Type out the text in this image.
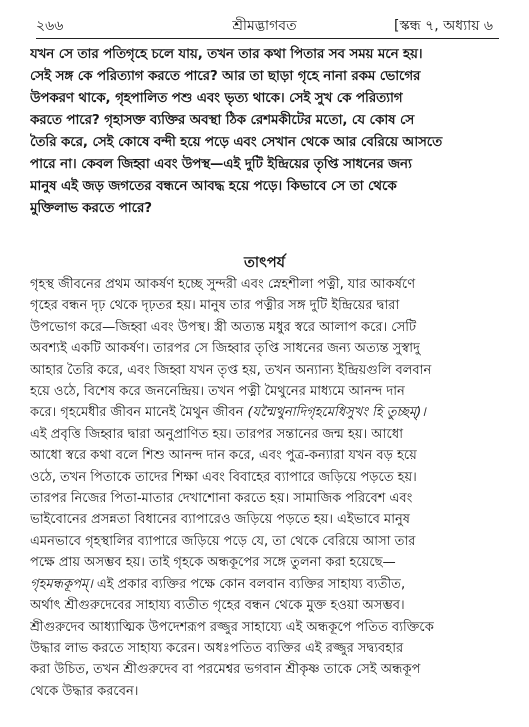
২৬৬	শ্রীমদ্ভাগবত	[স্কন্ধ ৭, অধ্যায় ৬
যখন সে তার পতিগৃহে চলে যায়, তখন তার কথা পিতার সব সময় মনে হয়।
সেই সঙ্গ কে পরিত্যাগ করতে পারে? আর তা ছাড়া গৃহে নানা রকম ভোগের
উপকরণ থাকে, গৃহপালিত পশু এবং ভৃত্য থাকে। সেই সুখ কে পরিত্যাগ
করতে পারে? গৃহাসক্ত ব্যক্তির অবস্থা ঠিক রেশমকীটের মতো, যে কোষ সে
তৈরি করে, সেই কোষে বন্দী হয়ে পড়ে এবং সেখান থেকে আর বেরিয়ে আসতে
পারে না। কেবল জিহ্বা এবং উপস্থ—এই দুটি ইন্দ্রিয়ের তৃপ্তি সাধনের জন্য
মানুষ এই জড় জগতের বন্ধনে আবদ্ধ হয়ে পড়ে। কিভাবে সে তা থেকে
মুক্তিলাভ করতে পারে?
তাৎপর্য
গৃহস্থ জীবনের প্রথম আকর্ষণ হচ্ছে সুন্দরী এবং স্নেহশীলা পত্নী, যার আকর্ষণে
গৃহের বন্ধন দৃঢ় থেকে দৃঢ়তর হয়। মানুষ তার পত্নীর সঙ্গ দুটি ইন্দ্রিয়ের দ্বারা
উপভোগ করে—জিহ্বা এবং উপস্থ। স্ত্রী অত্যন্ত মধুর স্বরে আলাপ করে। সেটি
অবশ্যই একটি আকর্ষণ। তারপর সে জিহ্বার তৃপ্তি সাধনের জন্য অত্যন্ত সুস্বাদু
আহার তৈরি করে, এবং জিহ্বা যখন তৃপ্ত হয়, তখন অন্যান্য ইন্দ্রিয়গুলি বলবান
হয়ে ওঠে, বিশেষ করে জননেন্দ্রিয়। তখন পত্নী মৈথুনের মাধ্যমে আনন্দ দান
করে। গৃহমেধীর জীবন মানেই মৈথুন জীবন (যন্মৈথুনাদিগৃহমেধিসুখং হি তুচ্ছম্)।
এই প্রবৃত্তি জিহ্বার দ্বারা অনুপ্রাণিত হয়। তারপর সন্তানের জন্ম হয়। আধো
আধো স্বরে কথা বলে শিশু আনন্দ দান করে, এবং পুত্র-কন্যারা যখন বড় হয়ে
ওঠে, তখন পিতাকে তাদের শিক্ষা এবং বিবাহের ব্যাপারে জড়িয়ে পড়তে হয়।
তারপর নিজের পিতা-মাতার দেখাশোনা করতে হয়। সামাজিক পরিবেশ এবং
ভাইবোনের প্রসন্নতা বিধানের ব্যাপারেও জড়িয়ে পড়তে হয়। এইভাবে মানুষ
এমনভাবে গৃহস্থালির ব্যাপারে জড়িয়ে পড়ে যে, তা থেকে বেরিয়ে আসা তার
পক্ষে প্রায় অসম্ভব হয়। তাই গৃহকে অন্ধকূপের সঙ্গে তুলনা করা হয়েছে—
গৃহমন্ধকূপম্। এই প্রকার ব্যক্তির পক্ষে কোন বলবান ব্যক্তির সাহায্য ব্যতীত,
অর্থাৎ শ্রীগুরুদেবের সাহায্য ব্যতীত গৃহের বন্ধন থেকে মুক্ত হওয়া অসম্ভব।
শ্রীগুরুদেব আধ্যাত্মিক উপদেশরূপ রজ্জুর সাহায্যে এই অন্ধকূপে পতিত ব্যক্তিকে
উদ্ধার লাভ করতে সাহায্য করেন। অধঃপতিত ব্যক্তির এই রজ্জুর সদ্ব্যবহার
করা উচিত, তখন শ্রীগুরুদেব বা পরমেশ্বর ভগবান শ্রীকৃষ্ণ তাকে সেই অন্ধকূপ
থেকে উদ্ধার করবেন।
